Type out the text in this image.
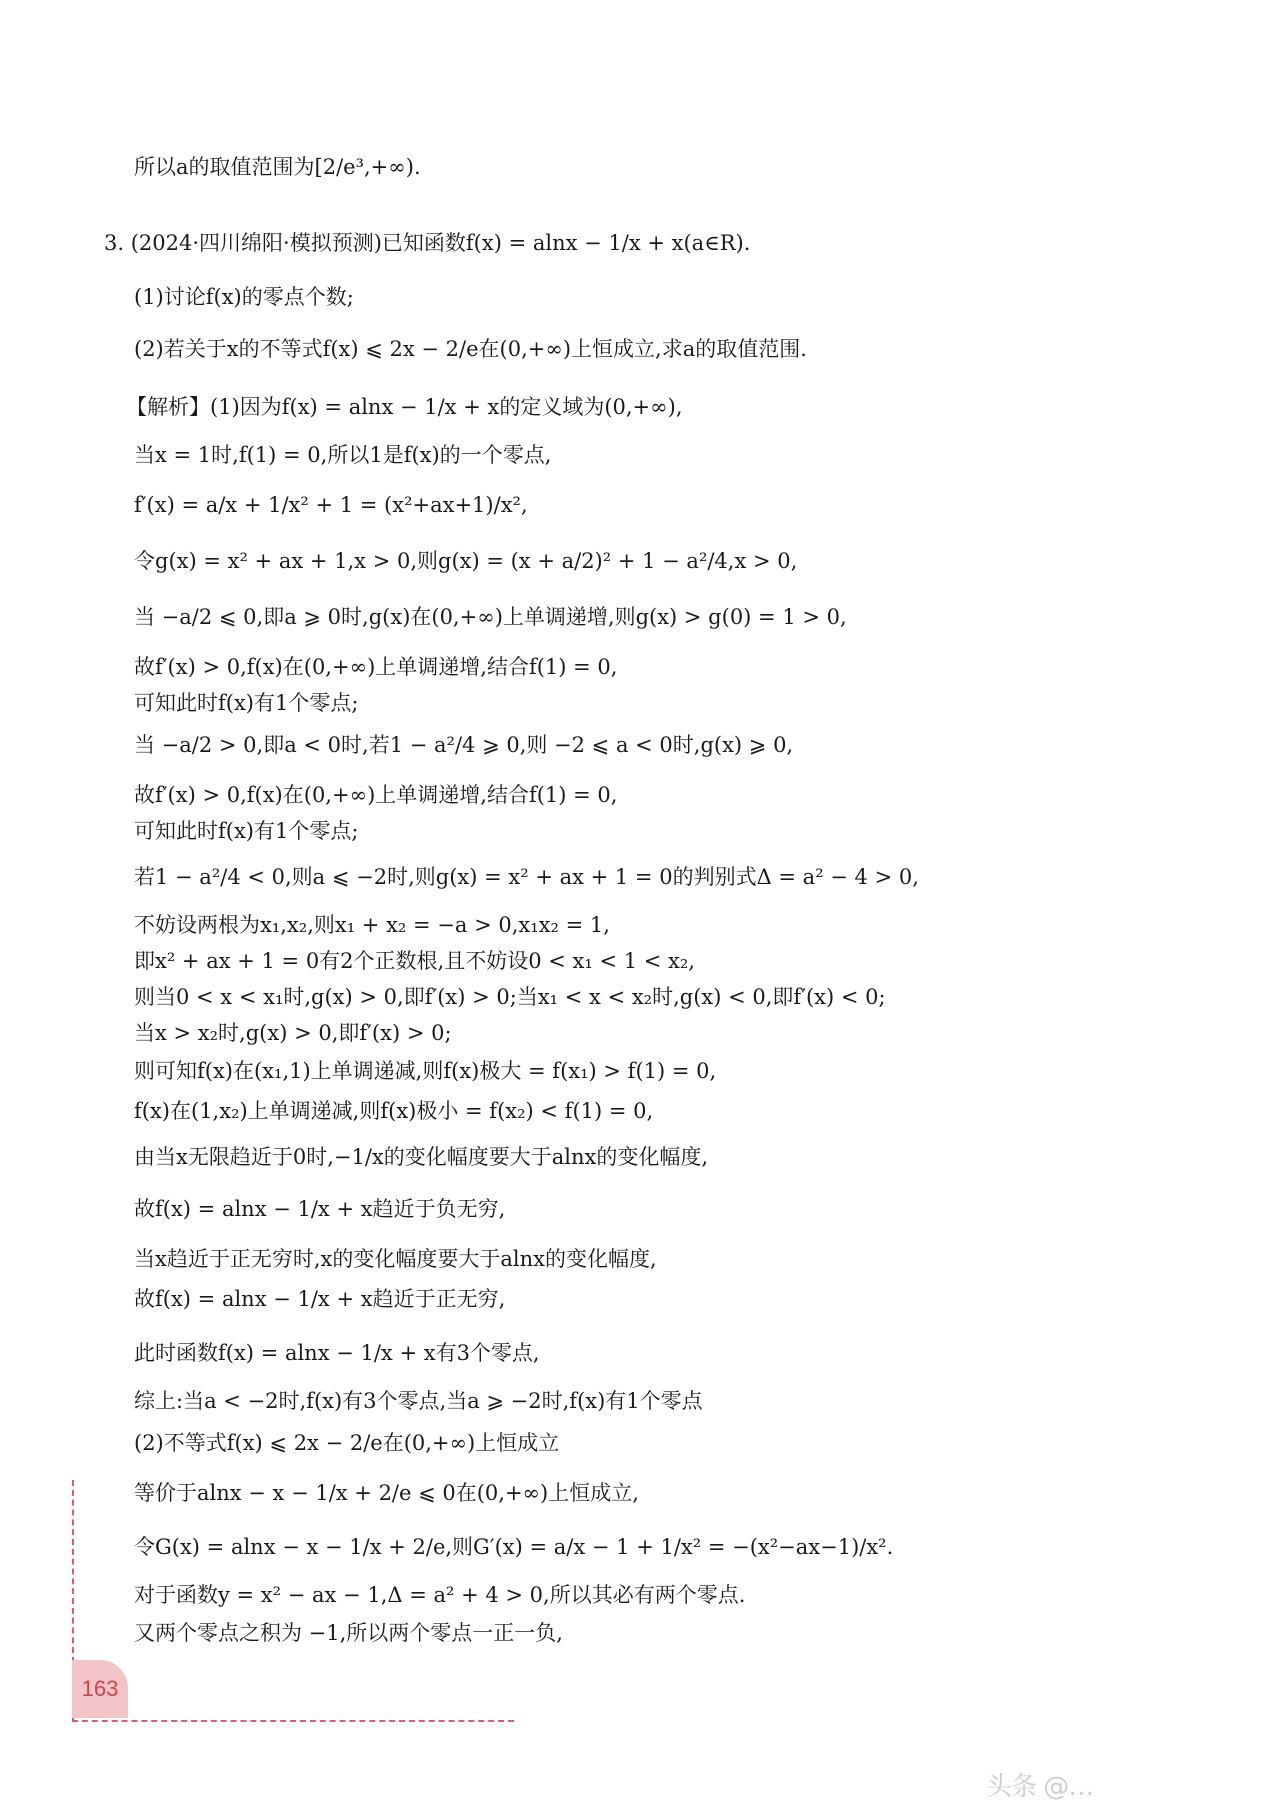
所以a的取值范围为[2/e³,+∞).
3. (2024·四川绵阳·模拟预测)已知函数f(x) = alnx − 1/x + x(a∈R).
(1)讨论f(x)的零点个数;
(2)若关于x的不等式f(x) ⩽ 2x − 2/e在(0,+∞)上恒成立,求a的取值范围.
【解析】(1)因为f(x) = alnx − 1/x + x的定义域为(0,+∞),
当x = 1时,f(1) = 0,所以1是f(x)的一个零点,
f′(x) = a/x + 1/x² + 1 = (x²+ax+1)/x²,
令g(x) = x² + ax + 1,x > 0,则g(x) = (x + a/2)² + 1 − a²/4,x > 0,
当 −a/2 ⩽ 0,即a ⩾ 0时,g(x)在(0,+∞)上单调递增,则g(x) > g(0) = 1 > 0,
故f′(x) > 0,f(x)在(0,+∞)上单调递增,结合f(1) = 0,
可知此时f(x)有1个零点;
当 −a/2 > 0,即a < 0时,若1 − a²/4 ⩾ 0,则 −2 ⩽ a < 0时,g(x) ⩾ 0,
故f′(x) > 0,f(x)在(0,+∞)上单调递增,结合f(1) = 0,
可知此时f(x)有1个零点;
若1 − a²/4 < 0,则a ⩽ −2时,则g(x) = x² + ax + 1 = 0的判别式Δ = a² − 4 > 0,
不妨设两根为x₁,x₂,则x₁ + x₂ = −a > 0,x₁x₂ = 1,
即x² + ax + 1 = 0有2个正数根,且不妨设0 < x₁ < 1 < x₂,
则当0 < x < x₁时,g(x) > 0,即f′(x) > 0;当x₁ < x < x₂时,g(x) < 0,即f′(x) < 0;
当x > x₂时,g(x) > 0,即f′(x) > 0;
则可知f(x)在(x₁,1)上单调递减,则f(x)极大 = f(x₁) > f(1) = 0,
f(x)在(1,x₂)上单调递减,则f(x)极小 = f(x₂) < f(1) = 0,
由当x无限趋近于0时,−1/x的变化幅度要大于alnx的变化幅度,
故f(x) = alnx − 1/x + x趋近于负无穷,
当x趋近于正无穷时,x的变化幅度要大于alnx的变化幅度,
故f(x) = alnx − 1/x + x趋近于正无穷,
此时函数f(x) = alnx − 1/x + x有3个零点,
综上:当a < −2时,f(x)有3个零点,当a ⩾ −2时,f(x)有1个零点
(2)不等式f(x) ⩽ 2x − 2/e在(0,+∞)上恒成立
等价于alnx − x − 1/x + 2/e ⩽ 0在(0,+∞)上恒成立,
令G(x) = alnx − x − 1/x + 2/e,则G′(x) = a/x − 1 + 1/x² = −(x²−ax−1)/x².
对于函数y = x² − ax − 1,Δ = a² + 4 > 0,所以其必有两个零点.
又两个零点之积为 −1,所以两个零点一正一负,
163
头条 @…
